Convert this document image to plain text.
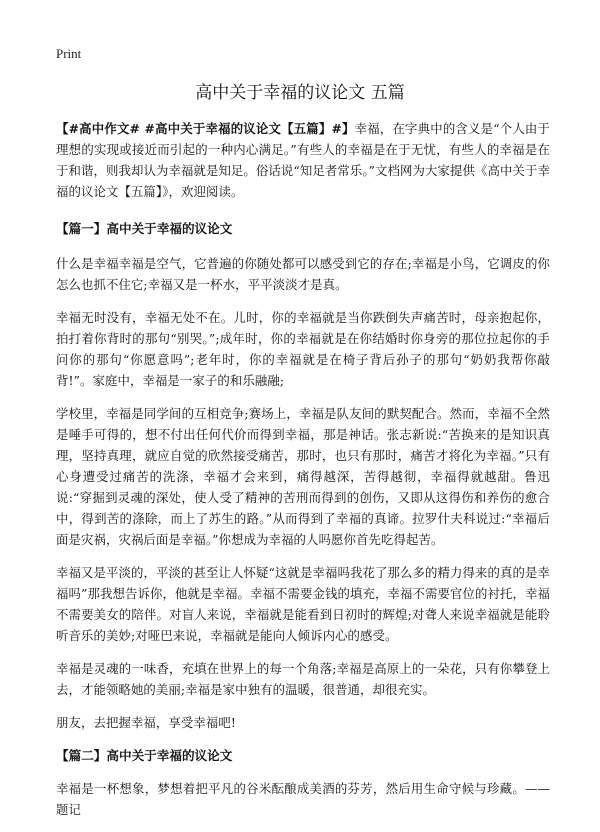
Print
高中关于幸福的议论文 五篇

【#高中作文# #高中关于幸福的议论文【五篇】#】幸福，在字典中的含义是“个人由于理想的实现或接近而引起的一种内心满足。”有些人的幸福是在于无忧，有些人的幸福是在于和谐，则我却认为幸福就是知足。俗话说“知足者常乐。”文档网为大家提供《高中关于幸福的议论文【五篇】》，欢迎阅读。

【篇一】高中关于幸福的议论文

什么是幸福幸福是空气，它普遍的你随处都可以感受到它的存在;幸福是小鸟，它调皮的你怎么也抓不住它;幸福又是一杯水，平平淡淡才是真。

幸福无时没有，幸福无处不在。儿时，你的幸福就是当你跌倒失声痛苦时，母亲抱起你，拍打着你背时的那句“别哭。”;成年时，你的幸福就是在你结婚时你身旁的那位拉起你的手问你的那句“你愿意吗”;老年时，你的幸福就是在椅子背后孙子的那句“奶奶我帮你敲背!”。家庭中，幸福是一家子的和乐融融;

学校里，幸福是同学间的互相竞争;赛场上，幸福是队友间的默契配合。然而，幸福不全然是唾手可得的，想不付出任何代价而得到幸福，那是神话。张志新说:“苦换来的是知识真理，坚持真理，就应自觉的欣然接受痛苦，那时，也只有那时，痛苦才将化为幸福。”只有心身遭受过痛苦的洗涤，幸福才会来到，痛得越深，苦得越彻，幸福得就越甜。鲁迅说:“穿掘到灵魂的深处，使人受了精神的苦刑而得到的创伤，又即从这得伤和养伤的愈合中，得到苦的涤除，而上了苏生的路。”从而得到了幸福的真谛。拉罗什夫科说过:“幸福后面是灾祸，灾祸后面是幸福。”你想成为幸福的人吗愿你首先吃得起苦。

幸福又是平淡的，平淡的甚至让人怀疑“这就是幸福吗我花了那么多的精力得来的真的是幸福吗”那我想告诉你，他就是幸福。幸福不需要金钱的填充，幸福不需要官位的衬托，幸福不需要美女的陪伴。对盲人来说，幸福就是能看到日初时的辉煌;对聋人来说幸福就是能聆听音乐的美妙;对哑巴来说，幸福就是能向人倾诉内心的感受。

幸福是灵魂的一味香，充填在世界上的每一个角落;幸福是高原上的一朵花，只有你攀登上去，才能领略她的美丽;幸福是家中独有的温暖，很普通，却很充实。

朋友，去把握幸福，享受幸福吧!

【篇二】高中关于幸福的议论文

幸福是一杯想象，梦想着把平凡的谷米酝酿成美酒的芬芳，然后用生命守候与珍藏。——题记
